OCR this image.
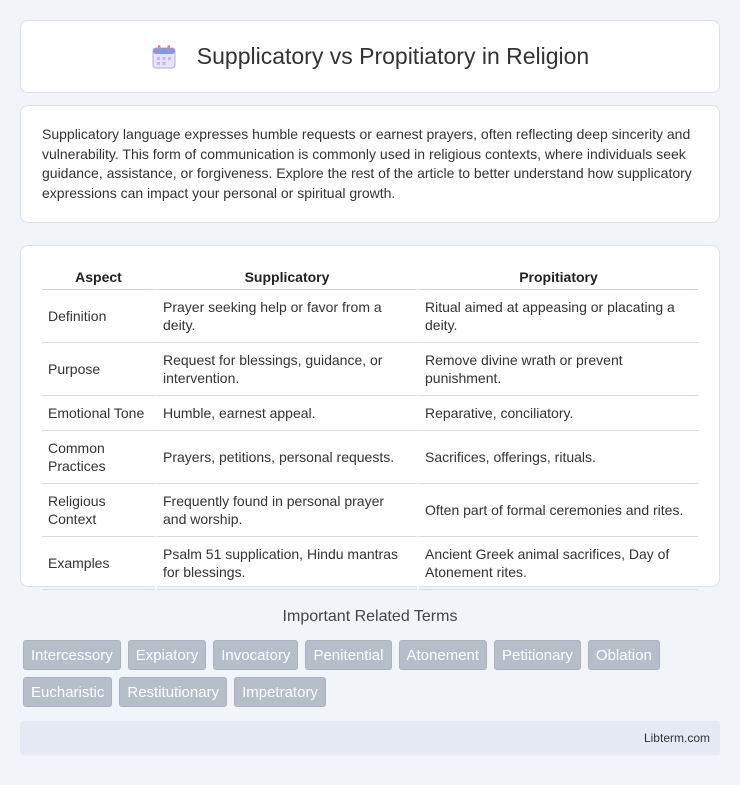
Supplicatory vs Propitiatory in Religion

Supplicatory language expresses humble requests or earnest prayers, often reflecting deep sincerity and vulnerability. This form of communication is commonly used in religious contexts, where individuals seek guidance, assistance, or forgiveness. Explore the rest of the article to better understand how supplicatory expressions can impact your personal or spiritual growth.

Aspect	Supplicatory	Propitiatory
Definition	Prayer seeking help or favor from a deity.	Ritual aimed at appeasing or placating a deity.
Purpose	Request for blessings, guidance, or intervention.	Remove divine wrath or prevent punishment.
Emotional Tone	Humble, earnest appeal.	Reparative, conciliatory.
Common Practices	Prayers, petitions, personal requests.	Sacrifices, offerings, rituals.
Religious Context	Frequently found in personal prayer and worship.	Often part of formal ceremonies and rites.
Examples	Psalm 51 supplication, Hindu mantras for blessings.	Ancient Greek animal sacrifices, Day of Atonement rites.
Important Related Terms
Intercessory	Expiatory	Invocatory	Penitential	Atonement	Petitionary	Oblation
Eucharistic	Restitutionary	Impetratory
Libterm.com
